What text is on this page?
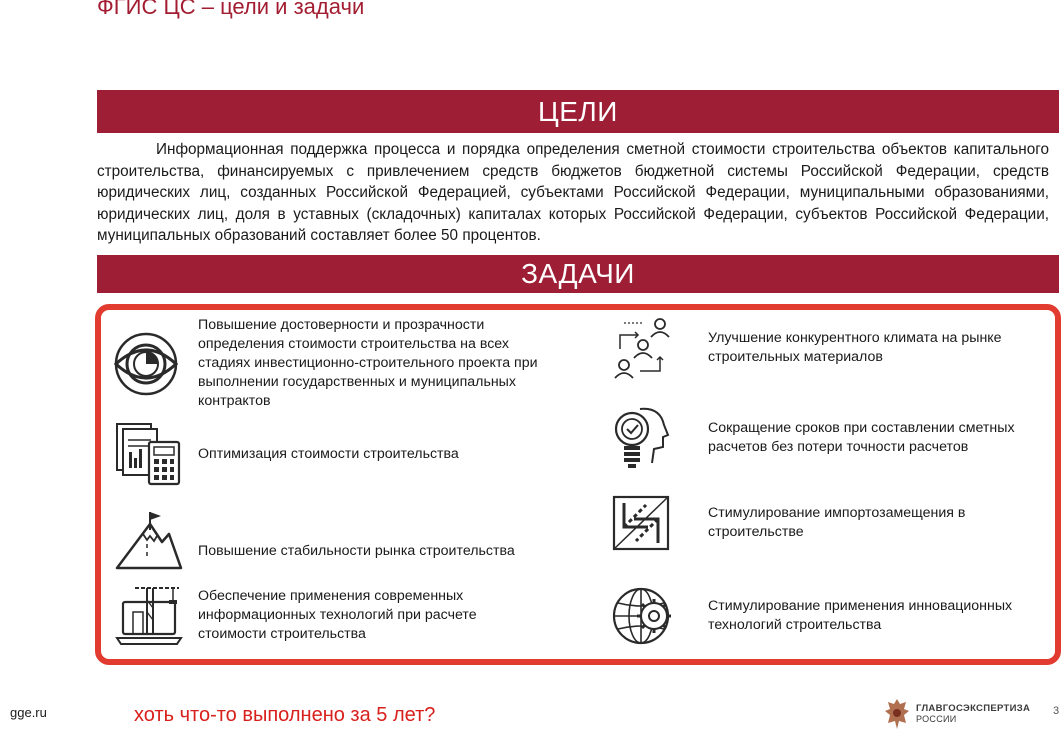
ФГИС ЦС – цели и задачи
ЦЕЛИ

Информационная поддержка процесса и порядка определения сметной стоимости строительства объектов капитального строительства, финансируемых с привлечением средств бюджетов бюджетной системы Российской Федерации, средств юридических лиц, созданных Российской Федерацией, субъектами Российской Федерации, муниципальными образованиями, юридических лиц, доля в уставных (складочных) капиталах которых Российской Федерации, субъектов Российской Федерации, муниципальных образований составляет более 50 процентов.

ЗАДАЧИ
Повышение достоверности и прозрачности определения стоимости строительства на всех стадиях инвестиционно-строительного проекта при выполнении государственных и муниципальных контрактов
Оптимизация стоимости строительства
Повышение стабильности рынка строительства
Обеспечение применения современных информационных технологий при расчете стоимости строительства
Улучшение конкурентного климата на рынке строительных материалов
Сокращение сроков при составлении сметных расчетов без потери точности расчетов
Стимулирование импортозамещения в строительстве
Стимулирование применения инновационных технологий строительства
gge.ru	хоть что-то выполнено за 5 лет?	ГЛАВГОСЭКСПЕРТИЗА
РОССИИ
3
